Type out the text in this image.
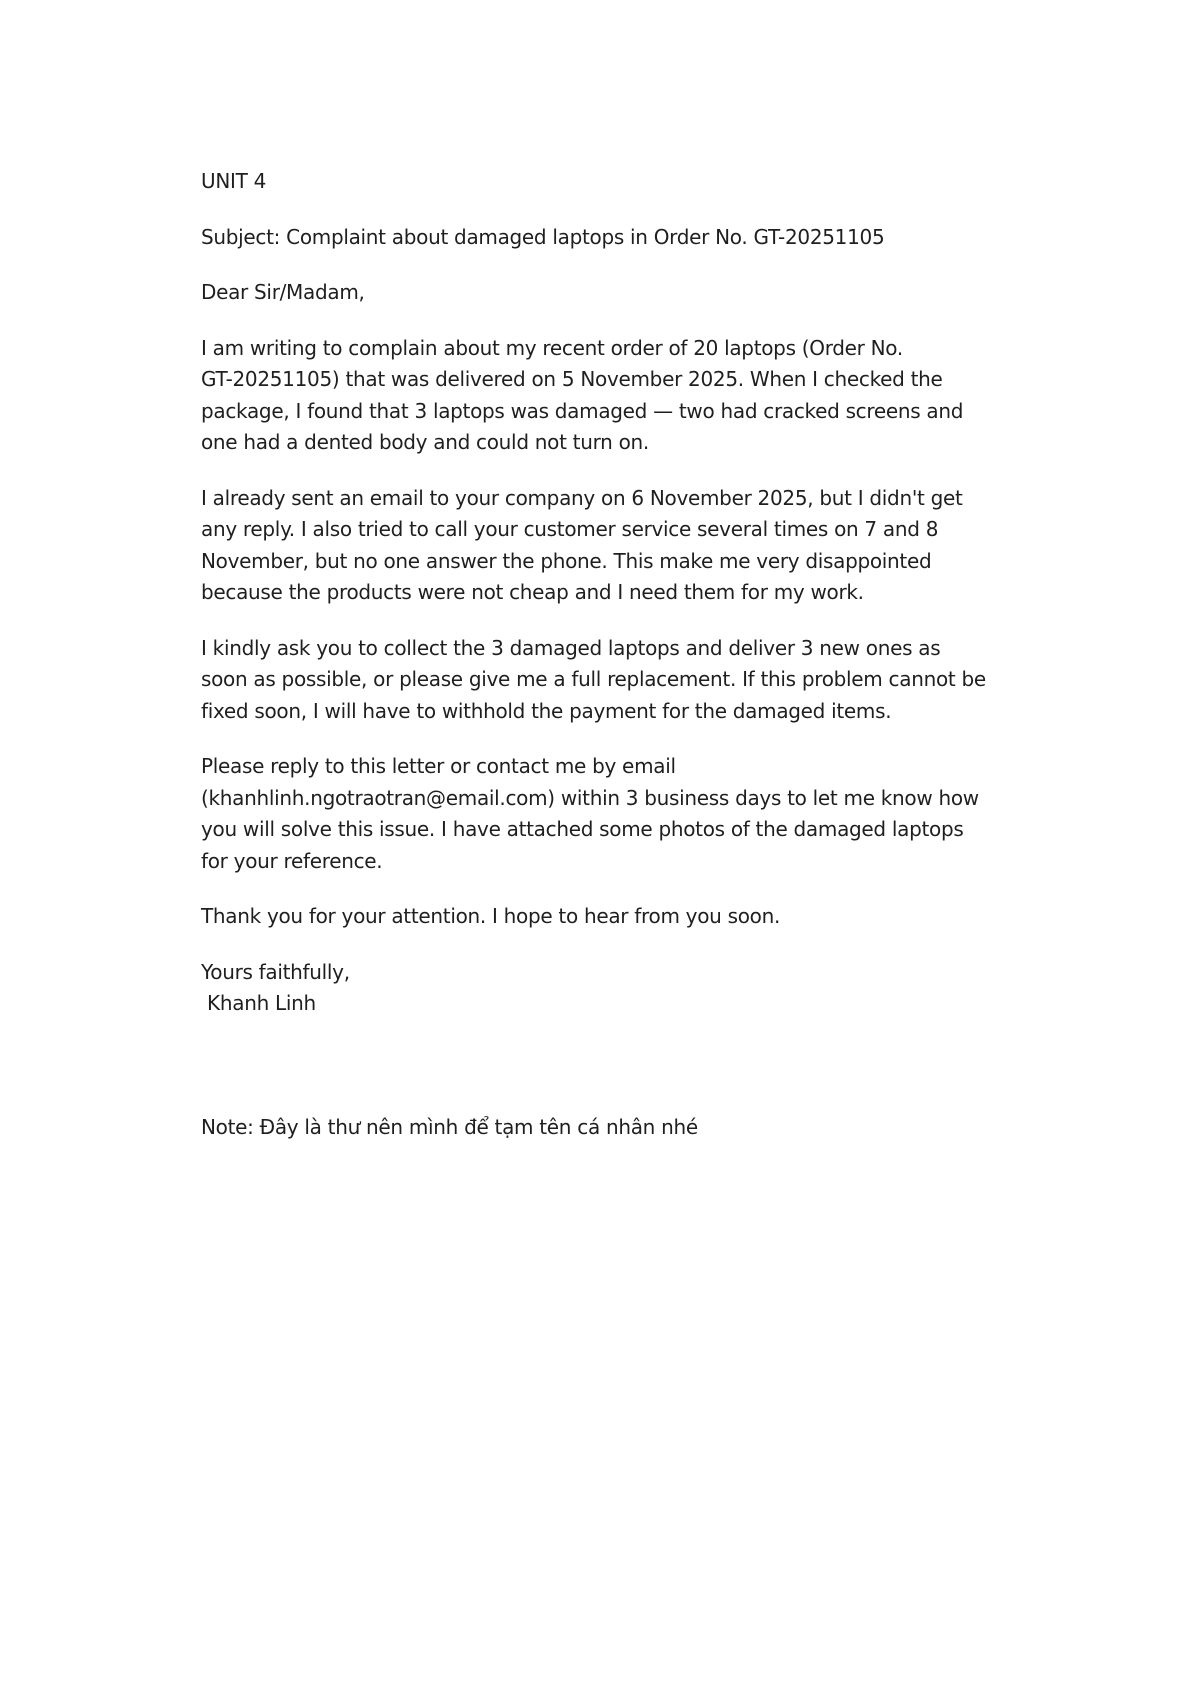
UNIT 4

Subject: Complaint about damaged laptops in Order No. GT-20251105

Dear Sir/Madam,

I am writing to complain about my recent order of 20 laptops (Order No.
GT-20251105) that was delivered on 5 November 2025. When I checked the
package, I found that 3 laptops was damaged — two had cracked screens and
one had a dented body and could not turn on.

I already sent an email to your company on 6 November 2025, but I didn't get
any reply. I also tried to call your customer service several times on 7 and 8
November, but no one answer the phone. This make me very disappointed
because the products were not cheap and I need them for my work.

I kindly ask you to collect the 3 damaged laptops and deliver 3 new ones as
soon as possible, or please give me a full replacement. If this problem cannot be
fixed soon, I will have to withhold the payment for the damaged items.

Please reply to this letter or contact me by email
(khanhlinh.ngotraotran@email.com) within 3 business days to let me know how
you will solve this issue. I have attached some photos of the damaged laptops
for your reference.

Thank you for your attention. I hope to hear from you soon.

Yours faithfully,
Khanh Linh

Note: Đây là thư nên mình để tạm tên cá nhân nhé
